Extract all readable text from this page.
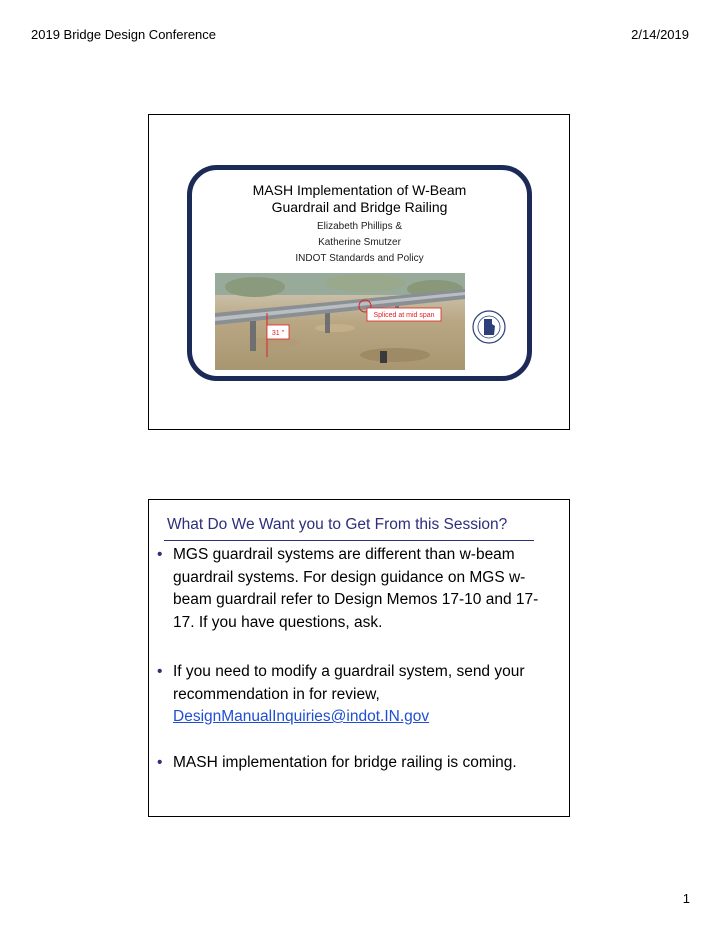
2019 Bridge Design Conference	2/14/2019
MASH Implementation of W-Beam
Guardrail and Bridge Railing
Elizabeth Phillips &
Katherine Smutzer
INDOT Standards and Policy
31 "
Spliced at mid span
What Do We Want you to Get From this Session?
• MGS guardrail systems are different than w-beam
guardrail systems. For design guidance on MGS w-
beam guardrail refer to Design Memos 17-10 and 17-
17. If you have questions, ask.
• If you need to modify a guardrail system, send your
recommendation in for review,
DesignManualInquiries@indot.IN.gov
• MASH implementation for bridge railing is coming.
1
